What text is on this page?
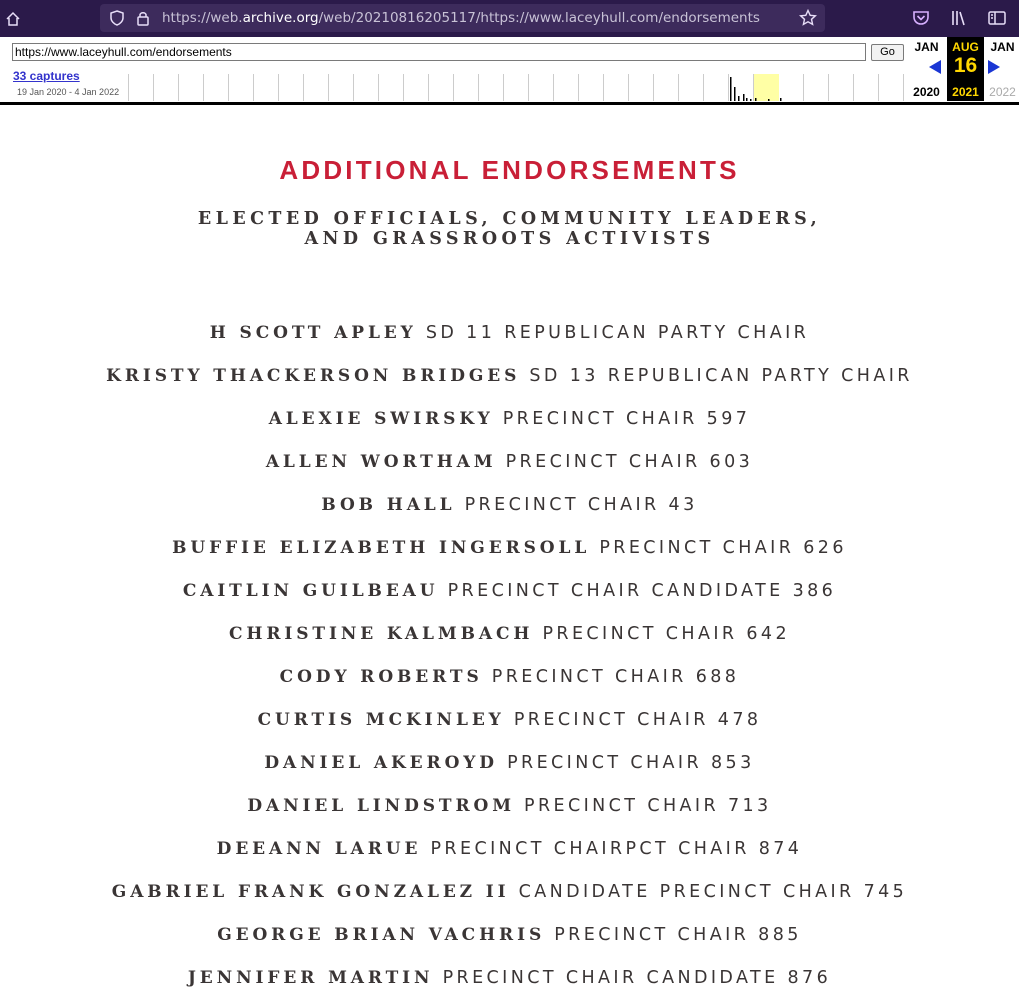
https://web.archive.org/web/20210816205117/https://www.laceyhull.com/endorsements
https://www.laceyhull.com/endorsements	Go
33 captures
19 Jan 2020 - 4 Jan 2022
JAN
2020
AUG
16
2021
JAN
2022
ADDITIONAL ENDORSEMENTS
ELECTED OFFICIALS, COMMUNITY LEADERS,
AND GRASSROOTS ACTIVISTS
H SCOTT APLEY SD 11 REPUBLICAN PARTY CHAIR
KRISTY THACKERSON BRIDGES SD 13 REPUBLICAN PARTY CHAIR
ALEXIE SWIRSKY PRECINCT CHAIR 597
ALLEN WORTHAM PRECINCT CHAIR 603
BOB HALL PRECINCT CHAIR 43
BUFFIE ELIZABETH INGERSOLL PRECINCT CHAIR 626
CAITLIN GUILBEAU PRECINCT CHAIR CANDIDATE 386
CHRISTINE KALMBACH PRECINCT CHAIR 642
CODY ROBERTS PRECINCT CHAIR 688
CURTIS MCKINLEY PRECINCT CHAIR 478
DANIEL AKEROYD PRECINCT CHAIR 853
DANIEL LINDSTROM PRECINCT CHAIR 713
DEEANN LARUE PRECINCT CHAIRPCT CHAIR 874
GABRIEL FRANK GONZALEZ II CANDIDATE PRECINCT CHAIR 745
GEORGE BRIAN VACHRIS PRECINCT CHAIR 885
JENNIFER MARTIN PRECINCT CHAIR CANDIDATE 876
